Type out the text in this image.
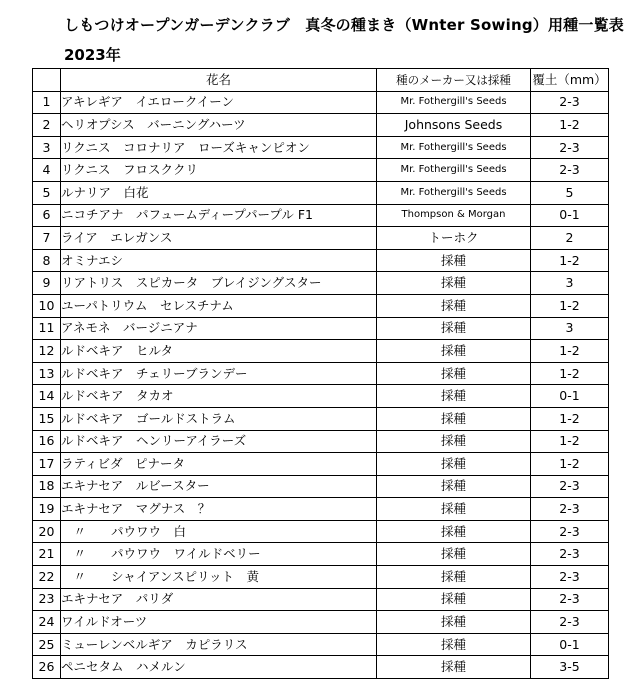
しもつけオープンガーデンクラブ　真冬の種まき（Wnter Sowing）用種一覧表
2023年
	花名	種のメーカー又は採種	覆土（mm）
1	アキレギア　イエロークイーン	Mr. Fothergill's Seeds	2-3
2	ヘリオプシス　バーニングハーツ	Johnsons Seeds	1-2
3	リクニス　コロナリア　ローズキャンピオン	Mr. Fothergill's Seeds	2-3
4	リクニス　フロスククリ	Mr. Fothergill's Seeds	2-3
5	ルナリア　白花	Mr. Fothergill's Seeds	5
6	ニコチアナ　パフュームディープパープル F1	Thompson & Morgan	0-1
7	ライア　エレガンス	トーホク	2
8	オミナエシ	採種	1-2
9	リアトリス　スピカータ　ブレイジングスター	採種	3
10	ユーパトリウム　セレスチナム	採種	1-2
11	アネモネ　バージニアナ	採種	3
12	ルドベキア　ヒルタ	採種	1-2
13	ルドベキア　チェリーブランデー	採種	1-2
14	ルドベキア　タカオ	採種	0-1
15	ルドベキア　ゴールドストラム	採種	1-2
16	ルドベキア　ヘンリーアイラーズ	採種	1-2
17	ラティビダ　ピナータ	採種	1-2
18	エキナセア　ルビースター	採種	2-3
19	エキナセア　マグナス　？	採種	2-3
20	　〃　　パウワウ　白	採種	2-3
21	　〃　　パウワウ　ワイルドベリー	採種	2-3
22	　〃　　シャイアンスピリット　黄	採種	2-3
23	エキナセア　パリダ	採種	2-3
24	ワイルドオーツ	採種	2-3
25	ミューレンベルギア　カピラリス	採種	0-1
26	ペニセタム　ハメルン	採種	3-5
